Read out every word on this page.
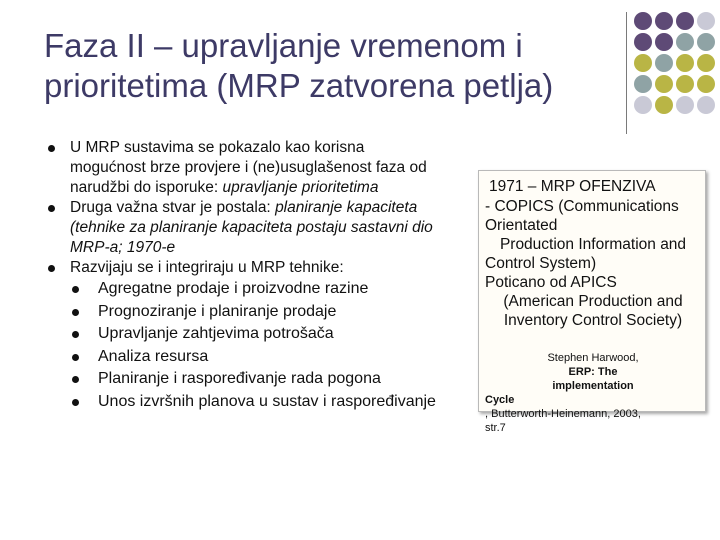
Faza II – upravljanje vremenom i
prioritetima (MRP zatvorena petlja)
U MRP sustavima se pokazalo kao korisna
mogućnost brze provjere i (ne)usuglašenost faza od
narudžbi do isporuke: upravljanje prioritetima
Druga važna stvar je postala: planiranje kapaciteta
(tehnike za planiranje kapaciteta postaju sastavni dio
MRP-a; 1970-e
Razvijaju se i integriraju u MRP tehnike:
Agregatne prodaje i proizvodne razine
Prognoziranje i planiranje prodaje
Upravljanje zahtjevima potrošača
Analiza resursa
Planiranje i raspoređivanje rada pogona
Unos izvršnih planova u sustav i raspoređivanje
1971 – MRP OFENZIVA
- COPICS (Communications
Orientated
Production Information and
Control System)
Poticano od APICS
(American Production and
Inventory Control Society)
Stephen Harwood,
ERP: The
implementation
Cycle
, Butterworth-Heinemann, 2003,
str.7
